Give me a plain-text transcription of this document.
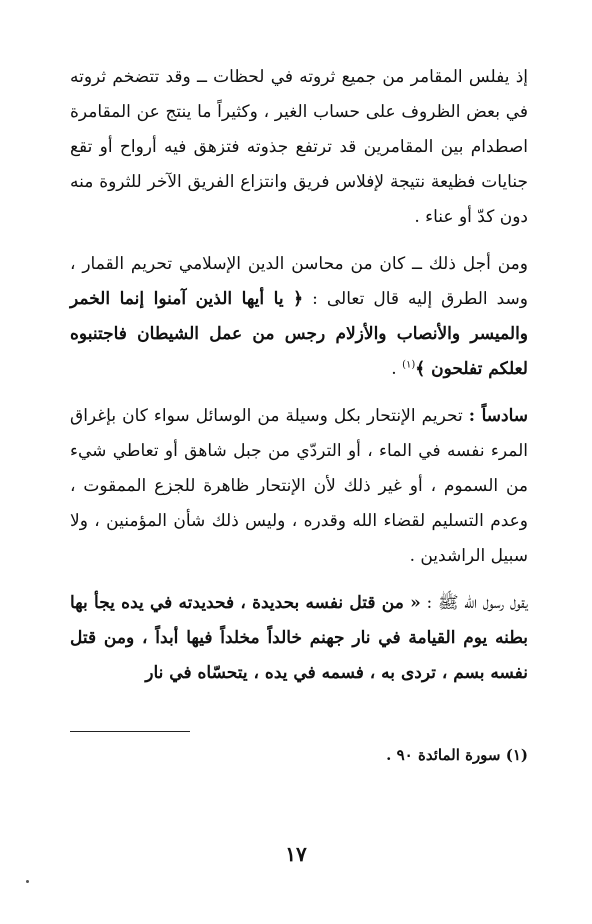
إذ يفلس المقامر من جميع ثروته في لحظات ــ وقد تتضخم ثروته في بعض الظروف على حساب الغير ، وكثيراً ما ينتج عن المقامرة اصطدام بين المقامرين قد ترتفع جذوته فتزهق فيه أرواح أو تقع جنايات فظيعة نتيجة لإفلاس فريق وانتزاع الفريق الآخر للثروة منه دون كدّ أو عناء .

ومن أجل ذلك ــ كان من محاسن الدين الإسلامي تحريم القمار ، وسد الطرق إليه قال تعالى : ﴿ يا أيها الذين آمنوا إنما الخمر والميسر والأنصاب والأزلام رجس من عمل الشيطان فاجتنبوه لعلكم تفلحون ﴾$^{(١)}$ .

سادساً : تحريم الإنتحار بكل وسيلة من الوسائل سواء كان بإغراق المرء نفسه في الماء ، أو التردّي من جبل شاهق أو تعاطي شيء من السموم ، أو غير ذلك لأن الإنتحار ظاهرة للجزع الممقوت ، وعدم التسليم لقضاء الله وقدره ، وليس ذلك شأن المؤمنين ، ولا سبيل الراشدين .

يقول رسول الله ﷺ : « من قتل نفسه بحديدة ، فحديدته في يده يجأ بها بطنه يوم القيامة في نار جهنم خالداً مخلداً فيها أبداً ، ومن قتل نفسه بسم ، تردى به ، فسمه في يده ، يتحسّاه في نار

(١) سورة المائدة ٩٠ .

١٧
